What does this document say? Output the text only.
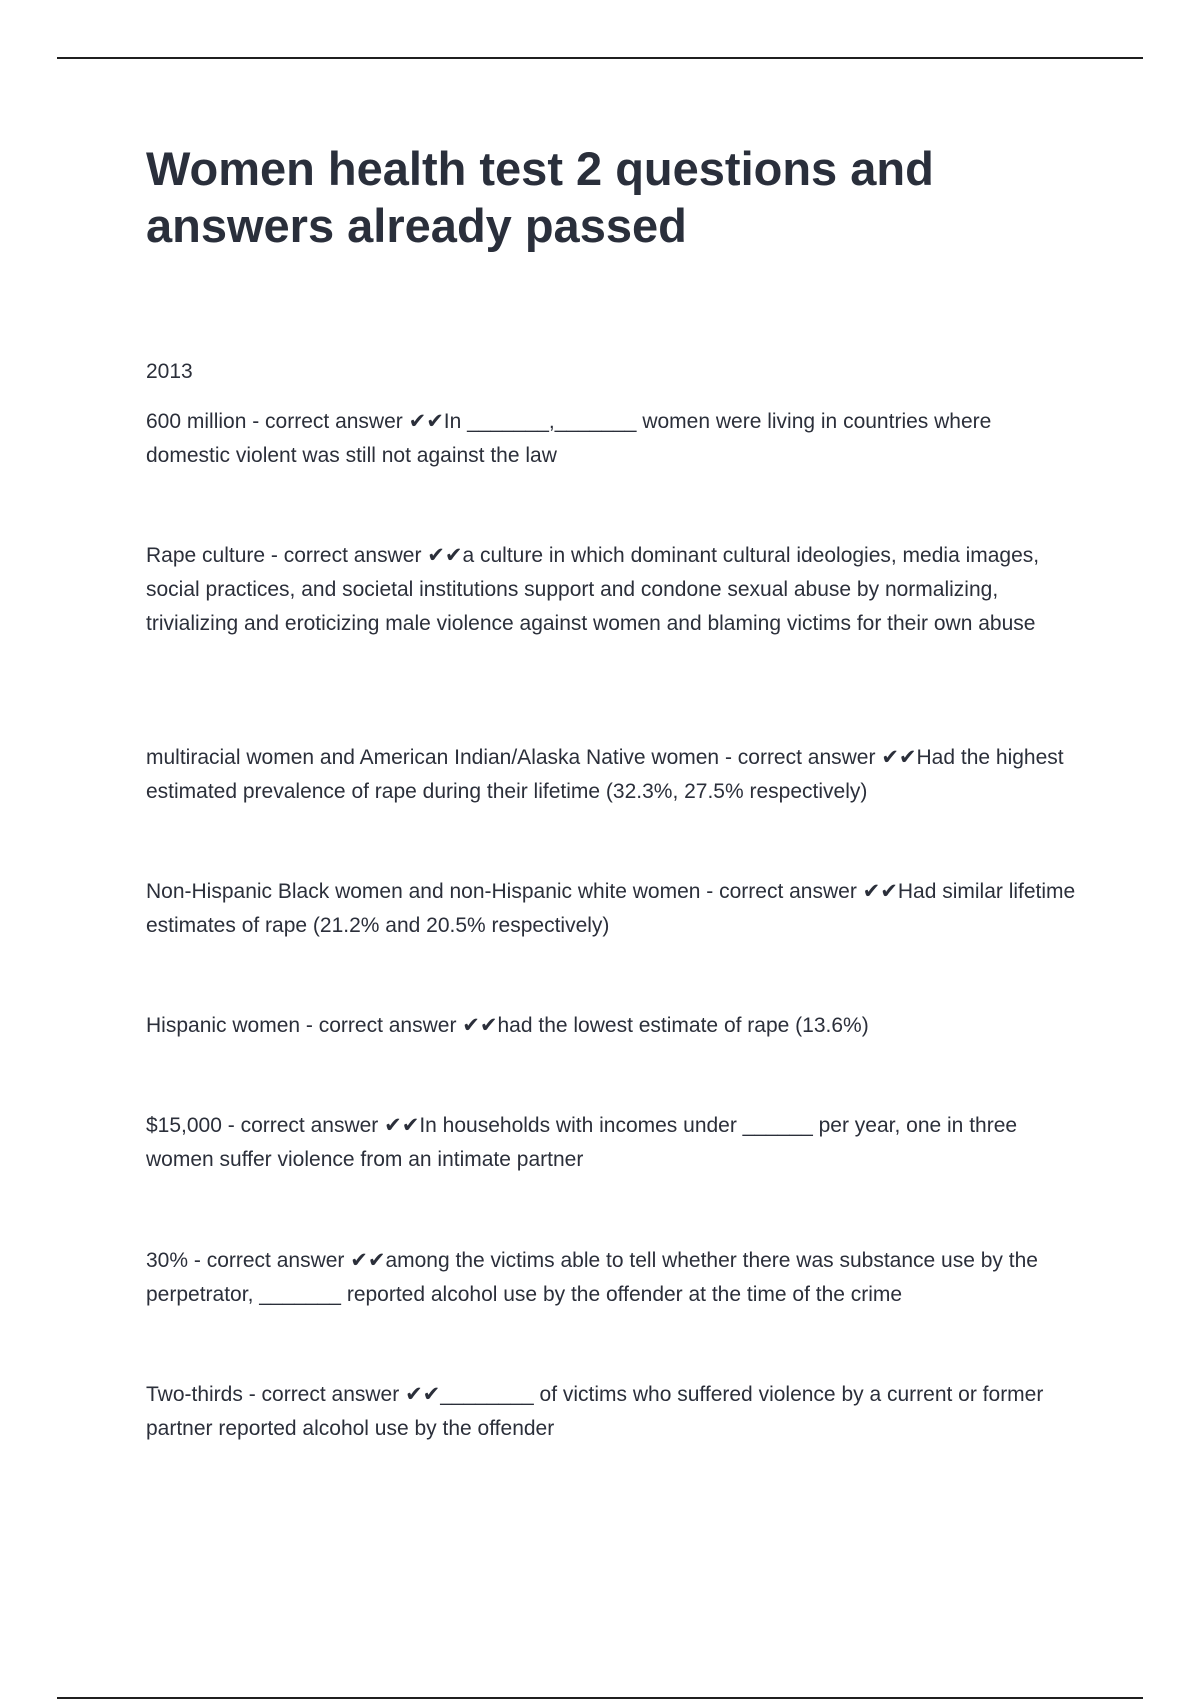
Women health test 2 questions and answers already passed
2013

600 million - correct answer ✔✔In _______,_______ women were living in countries where domestic violent was still not against the law

Rape culture - correct answer ✔✔a culture in which dominant cultural ideologies, media images, social practices, and societal institutions support and condone sexual abuse by normalizing, trivializing and eroticizing male violence against women and blaming victims for their own abuse

multiracial women and American Indian/Alaska Native women - correct answer ✔✔Had the highest estimated prevalence of rape during their lifetime (32.3%, 27.5% respectively)

Non-Hispanic Black women and non-Hispanic white women - correct answer ✔✔Had similar lifetime estimates of rape (21.2% and 20.5% respectively)

Hispanic women - correct answer ✔✔had the lowest estimate of rape (13.6%)

$15,000 - correct answer ✔✔In households with incomes under ______ per year, one in three women suffer violence from an intimate partner

30% - correct answer ✔✔among the victims able to tell whether there was substance use by the perpetrator, _______ reported alcohol use by the offender at the time of the crime

Two-thirds - correct answer ✔✔________ of victims who suffered violence by a current or former partner reported alcohol use by the offender
